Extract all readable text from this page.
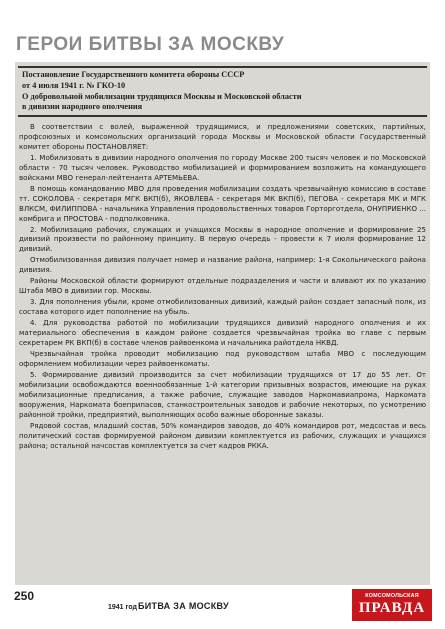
ГЕРОИ БИТВЫ ЗА МОСКВУ
Постановление Государственного комитета обороны СССР
от 4 июля 1941 г. № ГКО-10
О добровольной мобилизации трудящихся Москвы и Московской области
в дивизии народного ополчения

В соответствии с волей, выраженной трудящимися, и предложениями советских, партийных, профсоюзных и комсомольских организаций города Москвы и Московской области Государственный комитет обороны ПОСТАНОВЛЯЕТ:

1. Мобилизовать в дивизии народного ополчения по городу Москве 200 тысяч человек и по Московской области - 70 тысяч человек. Руководство мобилизацией и формированием возложить на командующего войсками МВО генерал-лейтенанта АРТЕМЬЕВА.

В помощь командованию МВО для проведения мобилизации создать чрезвычайную комиссию в составе тт. СОКОЛОВА - секретаря МГК ВКП(б), ЯКОВЛЕВА - секретаря МК ВКП(б), ПЕГОВА - секретаря МК и МГК ВЛКСМ, ФИЛИППОВА - начальника Управления продовольственных товаров Горторготдела, ОНУПРИЕНКО ... комбрига и ПРОСТОВА - подполковника.

2. Мобилизацию рабочих, служащих и учащихся Москвы в народное ополчение и формирование 25 дивизий произвести по районному принципу. В первую очередь - провести к 7 июля формирование 12 дивизий.

Отмобилизованная дивизия получает номер и название района, например: 1-я Сокольнического района дивизия.

Районы Московской области формируют отдельные подразделения и части и вливают их по указанию Штаба МВО в дивизии гор. Москвы.

3. Для пополнения убыли, кроме отмобилизованных дивизий, каждый район создает запасный полк, из состава которого идет пополнение на убыль.

4. Для руководства работой по мобилизации трудящихся дивизий народного ополчения и их материального обеспечения в каждом районе создается чрезвычайная тройка во главе с первым секретарем РК ВКП(б) в составе членов райвоенкома и начальника райотдела НКВД.

Чрезвычайная тройка проводит мобилизацию под руководством штаба МВО с последующим оформлением мобилизации через райвоенкоматы.

5. Формирование дивизий производится за счет мобилизации трудящихся от 17 до 55 лет. От мобилизации освобождаются военнообязанные 1-й категории призывных возрастов, имеющие на руках мобилизационные предписания, а также рабочие, служащие заводов Наркомавиапрома, Наркомата вооружения, Наркомата боеприпасов, станкостроительных заводов и рабочие некоторых, по усмотрению районной тройки, предприятий, выполняющих особо важные оборонные заказы.

Рядовой состав, младший состав, 50% командиров заводов, до 40% командиров рот, медсостав и весь политический состав формируемой районом дивизии комплектуется из рабочих, служащих и учащихся района; остальной начсостав комплектуется за счет кадров РККА.

250
1941 год БИТВА ЗА МОСКВУ
КОМСОМОЛЬСКАЯ
ПРАВДА
